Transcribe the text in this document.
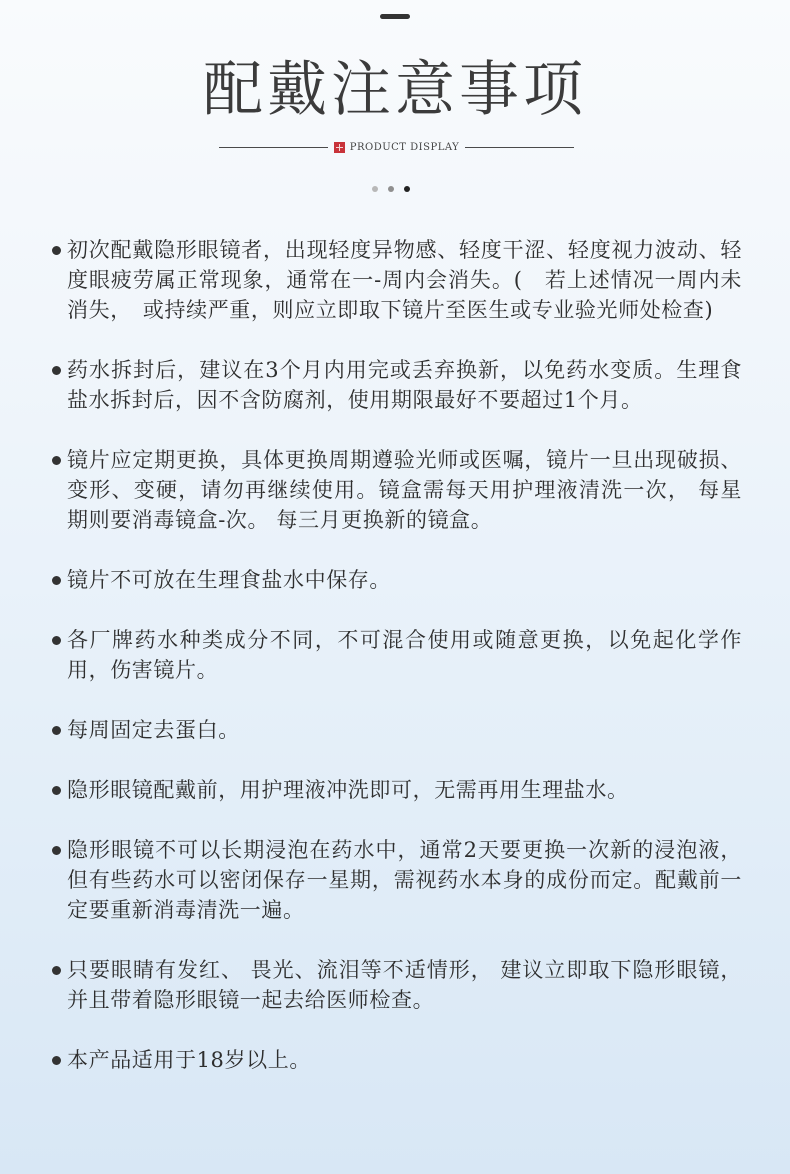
配戴注意事项
PRODUCT DISPLAY
初次配戴隐形眼镜者，出现轻度异物感、轻度干涩、轻度视力波动、轻度眼疲劳属正常现象，通常在一-周内会消失。(　若上述情况一周内未消失，　或持续严重，则应立即取下镜片至医生或专业验光师处检查)
药水拆封后，建议在3个月内用完或丢弃换新，以免药水变质。生理食盐水拆封后，因不含防腐剂，使用期限最好不要超过1个月。
镜片应定期更换，具体更换周期遵验光师或医嘱，镜片一旦出现破损、变形、变硬，请勿再继续使用。镜盒需每天用护理液清洗一次， 每星期则要消毒镜盒-次。 每三月更换新的镜盒。
镜片不可放在生理食盐水中保存。
各厂牌药水种类成分不同，不可混合使用或随意更换，以免起化学作用，伤害镜片。
每周固定去蛋白。
隐形眼镜配戴前，用护理液冲洗即可，无需再用生理盐水。
隐形眼镜不可以长期浸泡在药水中，通常2天要更换一次新的浸泡液，但有些药水可以密闭保存一星期，需视药水本身的成份而定。配戴前一定要重新消毒清洗一遍。
只要眼睛有发红、 畏光、流泪等不适情形， 建议立即取下隐形眼镜，并且带着隐形眼镜一起去给医师检查。
本产品适用于18岁以上。
